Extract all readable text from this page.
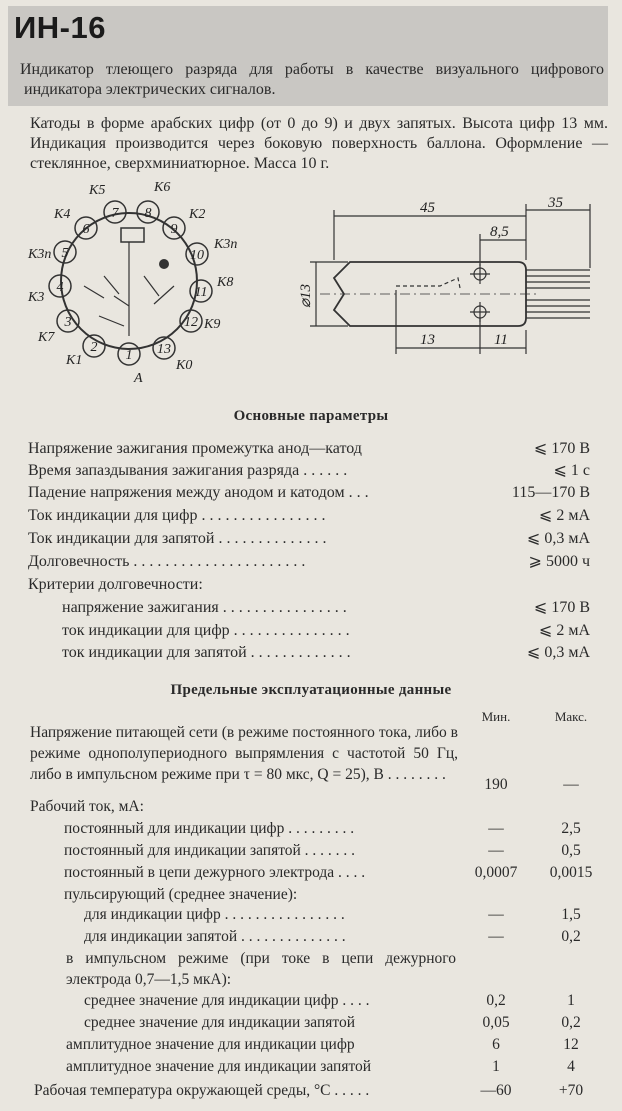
ИН-16
Индикатор тлеющего разряда для работы в качестве визуального цифрового индикатора электрических сигналов.
Катоды в форме арабских цифр (от 0 до 9) и двух запятых. Высота цифр 13 мм. Индикация производится через боковую поверхность баллона. Оформление — стеклянное, сверхминиатюрное. Масса 10 г.
1
2
3
4
5
6
7 8
9
10
11
12
13
K5	K6
K4	K2
K3п
K3п
K8
K3
K9
K7
K1	K0
A
45	35
8,5
⌀13
13	11
Основные параметры
Напряжение зажигания промежутка анод—катод	⩽ 170 В
Время запаздывания зажигания разряда . . . . . .	⩽ 1 с
Падение напряжения между анодом и катодом . . .	115—170 В
Ток индикации для цифр . . . . . . . . . . . . . . . .	⩽ 2 мА
Ток индикации для запятой . . . . . . . . . . . . . .	⩽ 0,3 мА
Долговечность . . . . . . . . . . . . . . . . . . . . . .	⩾ 5000 ч
Критерии долговечности:
напряжение зажигания . . . . . . . . . . . . . . . .	⩽ 170 В
ток индикации для цифр . . . . . . . . . . . . . . .	⩽ 2 мА
ток индикации для запятой . . . . . . . . . . . . .	⩽ 0,3 мА
Предельные эксплуатационные данные
Мин.	Макс.
Напряжение питающей сети (в режиме постоянного тока, либо в режиме однополупериодного выпрямления с частотой 50 Гц, либо в импульсном режиме при τ = 80 мкс, Q = 25), В . . . . . . . .
190	—
Рабочий ток, мА:
постоянный для индикации цифр . . . . . . . . .	—	2,5
постоянный для индикации запятой . . . . . . .	—	0,5
постоянный в цепи дежурного электрода . . . .	0,0007	0,0015
пульсирующий (среднее значение):
для индикации цифр . . . . . . . . . . . . . . . .	—	1,5
для индикации запятой . . . . . . . . . . . . . .	—	0,2
в импульсном режиме (при токе в цепи дежурного электрода 0,7—1,5 мкА):
среднее значение для индикации цифр . . . .	0,2	1
среднее значение для индикации запятой	0,05	0,2
амплитудное значение для индикации цифр	6	12
амплитудное значение для индикации запятой	1	4
Рабочая температура окружающей среды, °C . . . . .	—60	+70
